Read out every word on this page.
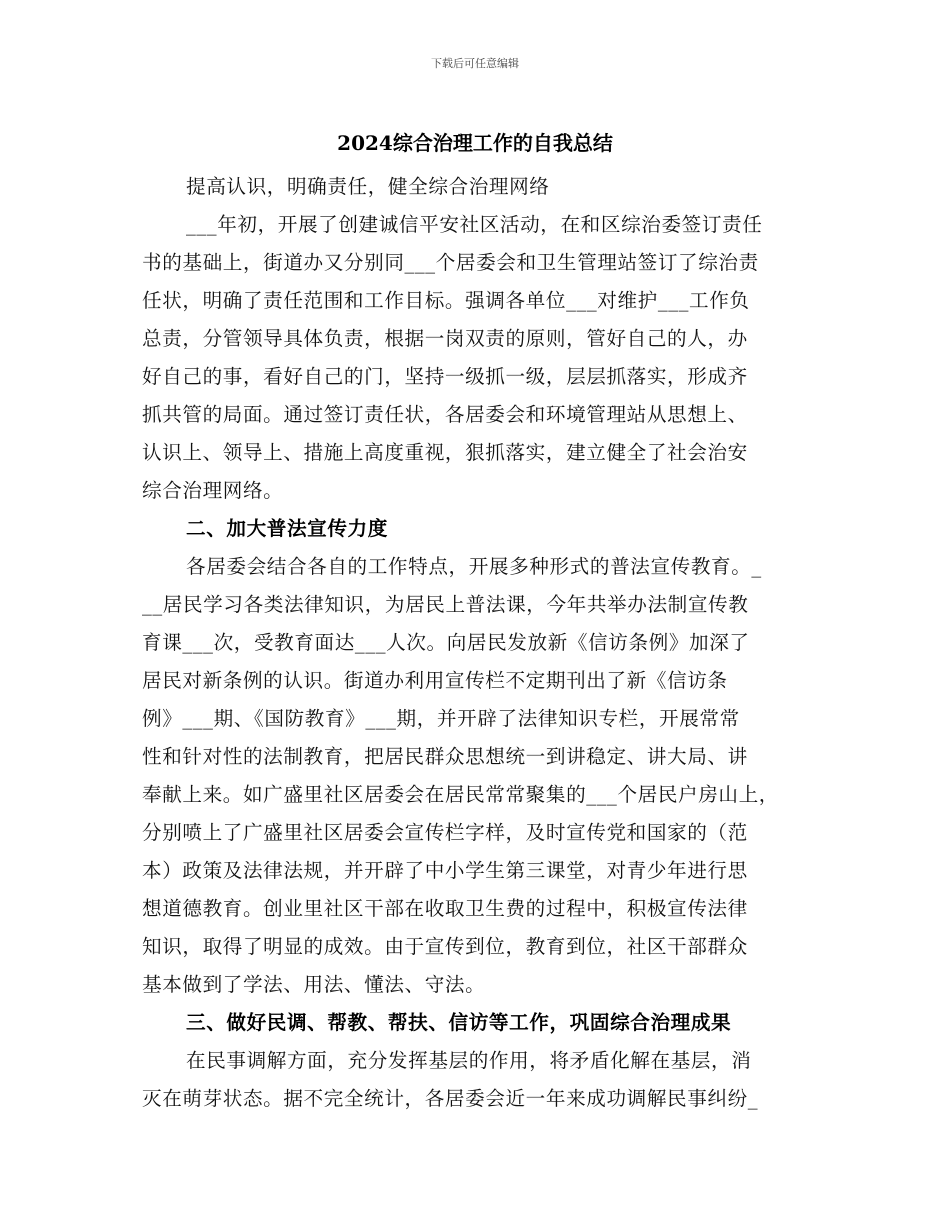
下载后可任意编辑
2024综合治理工作的自我总结
提高认识，明确责任，健全综合治理网络
___年初，开展了创建诚信平安社区活动，在和区综治委签订责任
书的基础上，街道办又分别同___个居委会和卫生管理站签订了综治责
任状，明确了责任范围和工作目标。强调各单位___对维护___工作负
总责，分管领导具体负责，根据一岗双责的原则，管好自己的人，办
好自己的事，看好自己的门，坚持一级抓一级，层层抓落实，形成齐
抓共管的局面。通过签订责任状，各居委会和环境管理站从思想上、
认识上、领导上、措施上高度重视，狠抓落实，建立健全了社会治安
综合治理网络。
二、加大普法宣传力度
各居委会结合各自的工作特点，开展多种形式的普法宣传教育。_
__居民学习各类法律知识，为居民上普法课，今年共举办法制宣传教
育课___次，受教育面达___人次。向居民发放新《信访条例》加深了
居民对新条例的认识。街道办利用宣传栏不定期刊出了新《信访条
例》___期、《国防教育》___期，并开辟了法律知识专栏，开展常常
性和针对性的法制教育，把居民群众思想统一到讲稳定、讲大局、讲
奉献上来。如广盛里社区居委会在居民常常聚集的___个居民户房山上，
分别喷上了广盛里社区居委会宣传栏字样，及时宣传党和国家的（范
本）政策及法律法规，并开辟了中小学生第三课堂，对青少年进行思
想道德教育。创业里社区干部在收取卫生费的过程中，积极宣传法律
知识，取得了明显的成效。由于宣传到位，教育到位，社区干部群众
基本做到了学法、用法、懂法、守法。
三、做好民调、帮教、帮扶、信访等工作，巩固综合治理成果
在民事调解方面，充分发挥基层的作用，将矛盾化解在基层，消
灭在萌芽状态。据不完全统计，各居委会近一年来成功调解民事纠纷_
